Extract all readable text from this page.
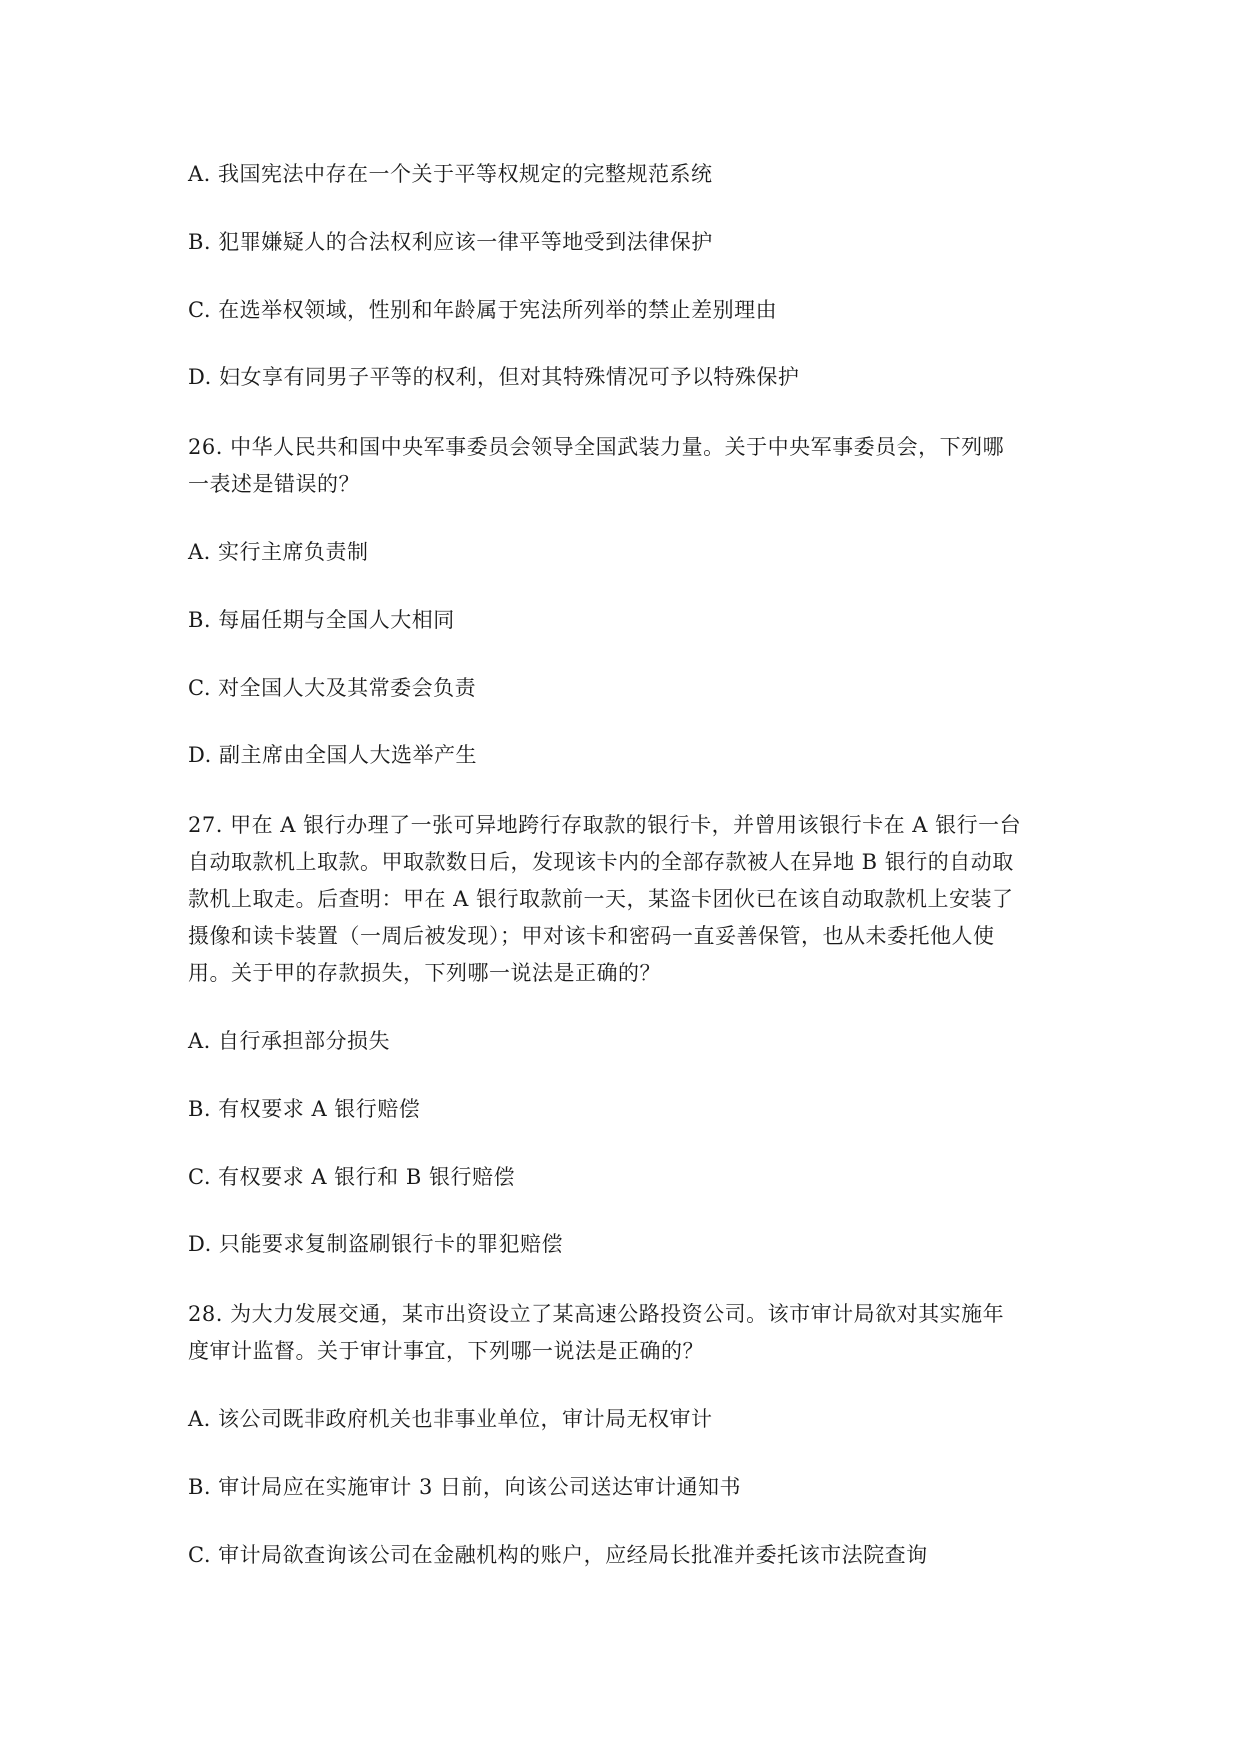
A. 我国宪法中存在一个关于平等权规定的完整规范系统
B. 犯罪嫌疑人的合法权利应该一律平等地受到法律保护
C. 在选举权领域，性别和年龄属于宪法所列举的禁止差别理由
D. 妇女享有同男子平等的权利，但对其特殊情况可予以特殊保护
26. 中华人民共和国中央军事委员会领导全国武装力量。关于中央军事委员会，下列哪
一表述是错误的？
A. 实行主席负责制
B. 每届任期与全国人大相同
C. 对全国人大及其常委会负责
D. 副主席由全国人大选举产生
27. 甲在 A 银行办理了一张可异地跨行存取款的银行卡，并曾用该银行卡在 A 银行一台
自动取款机上取款。甲取款数日后，发现该卡内的全部存款被人在异地 B 银行的自动取
款机上取走。后查明：甲在 A 银行取款前一天，某盗卡团伙已在该自动取款机上安装了
摄像和读卡装置（一周后被发现）；甲对该卡和密码一直妥善保管，也从未委托他人使
用。关于甲的存款损失，下列哪一说法是正确的？
A. 自行承担部分损失
B. 有权要求 A 银行赔偿
C. 有权要求 A 银行和 B 银行赔偿
D. 只能要求复制盗刷银行卡的罪犯赔偿
28. 为大力发展交通，某市出资设立了某高速公路投资公司。该市审计局欲对其实施年
度审计监督。关于审计事宜，下列哪一说法是正确的？
A. 该公司既非政府机关也非事业单位，审计局无权审计
B. 审计局应在实施审计 3 日前，向该公司送达审计通知书
C. 审计局欲查询该公司在金融机构的账户，应经局长批准并委托该市法院查询
